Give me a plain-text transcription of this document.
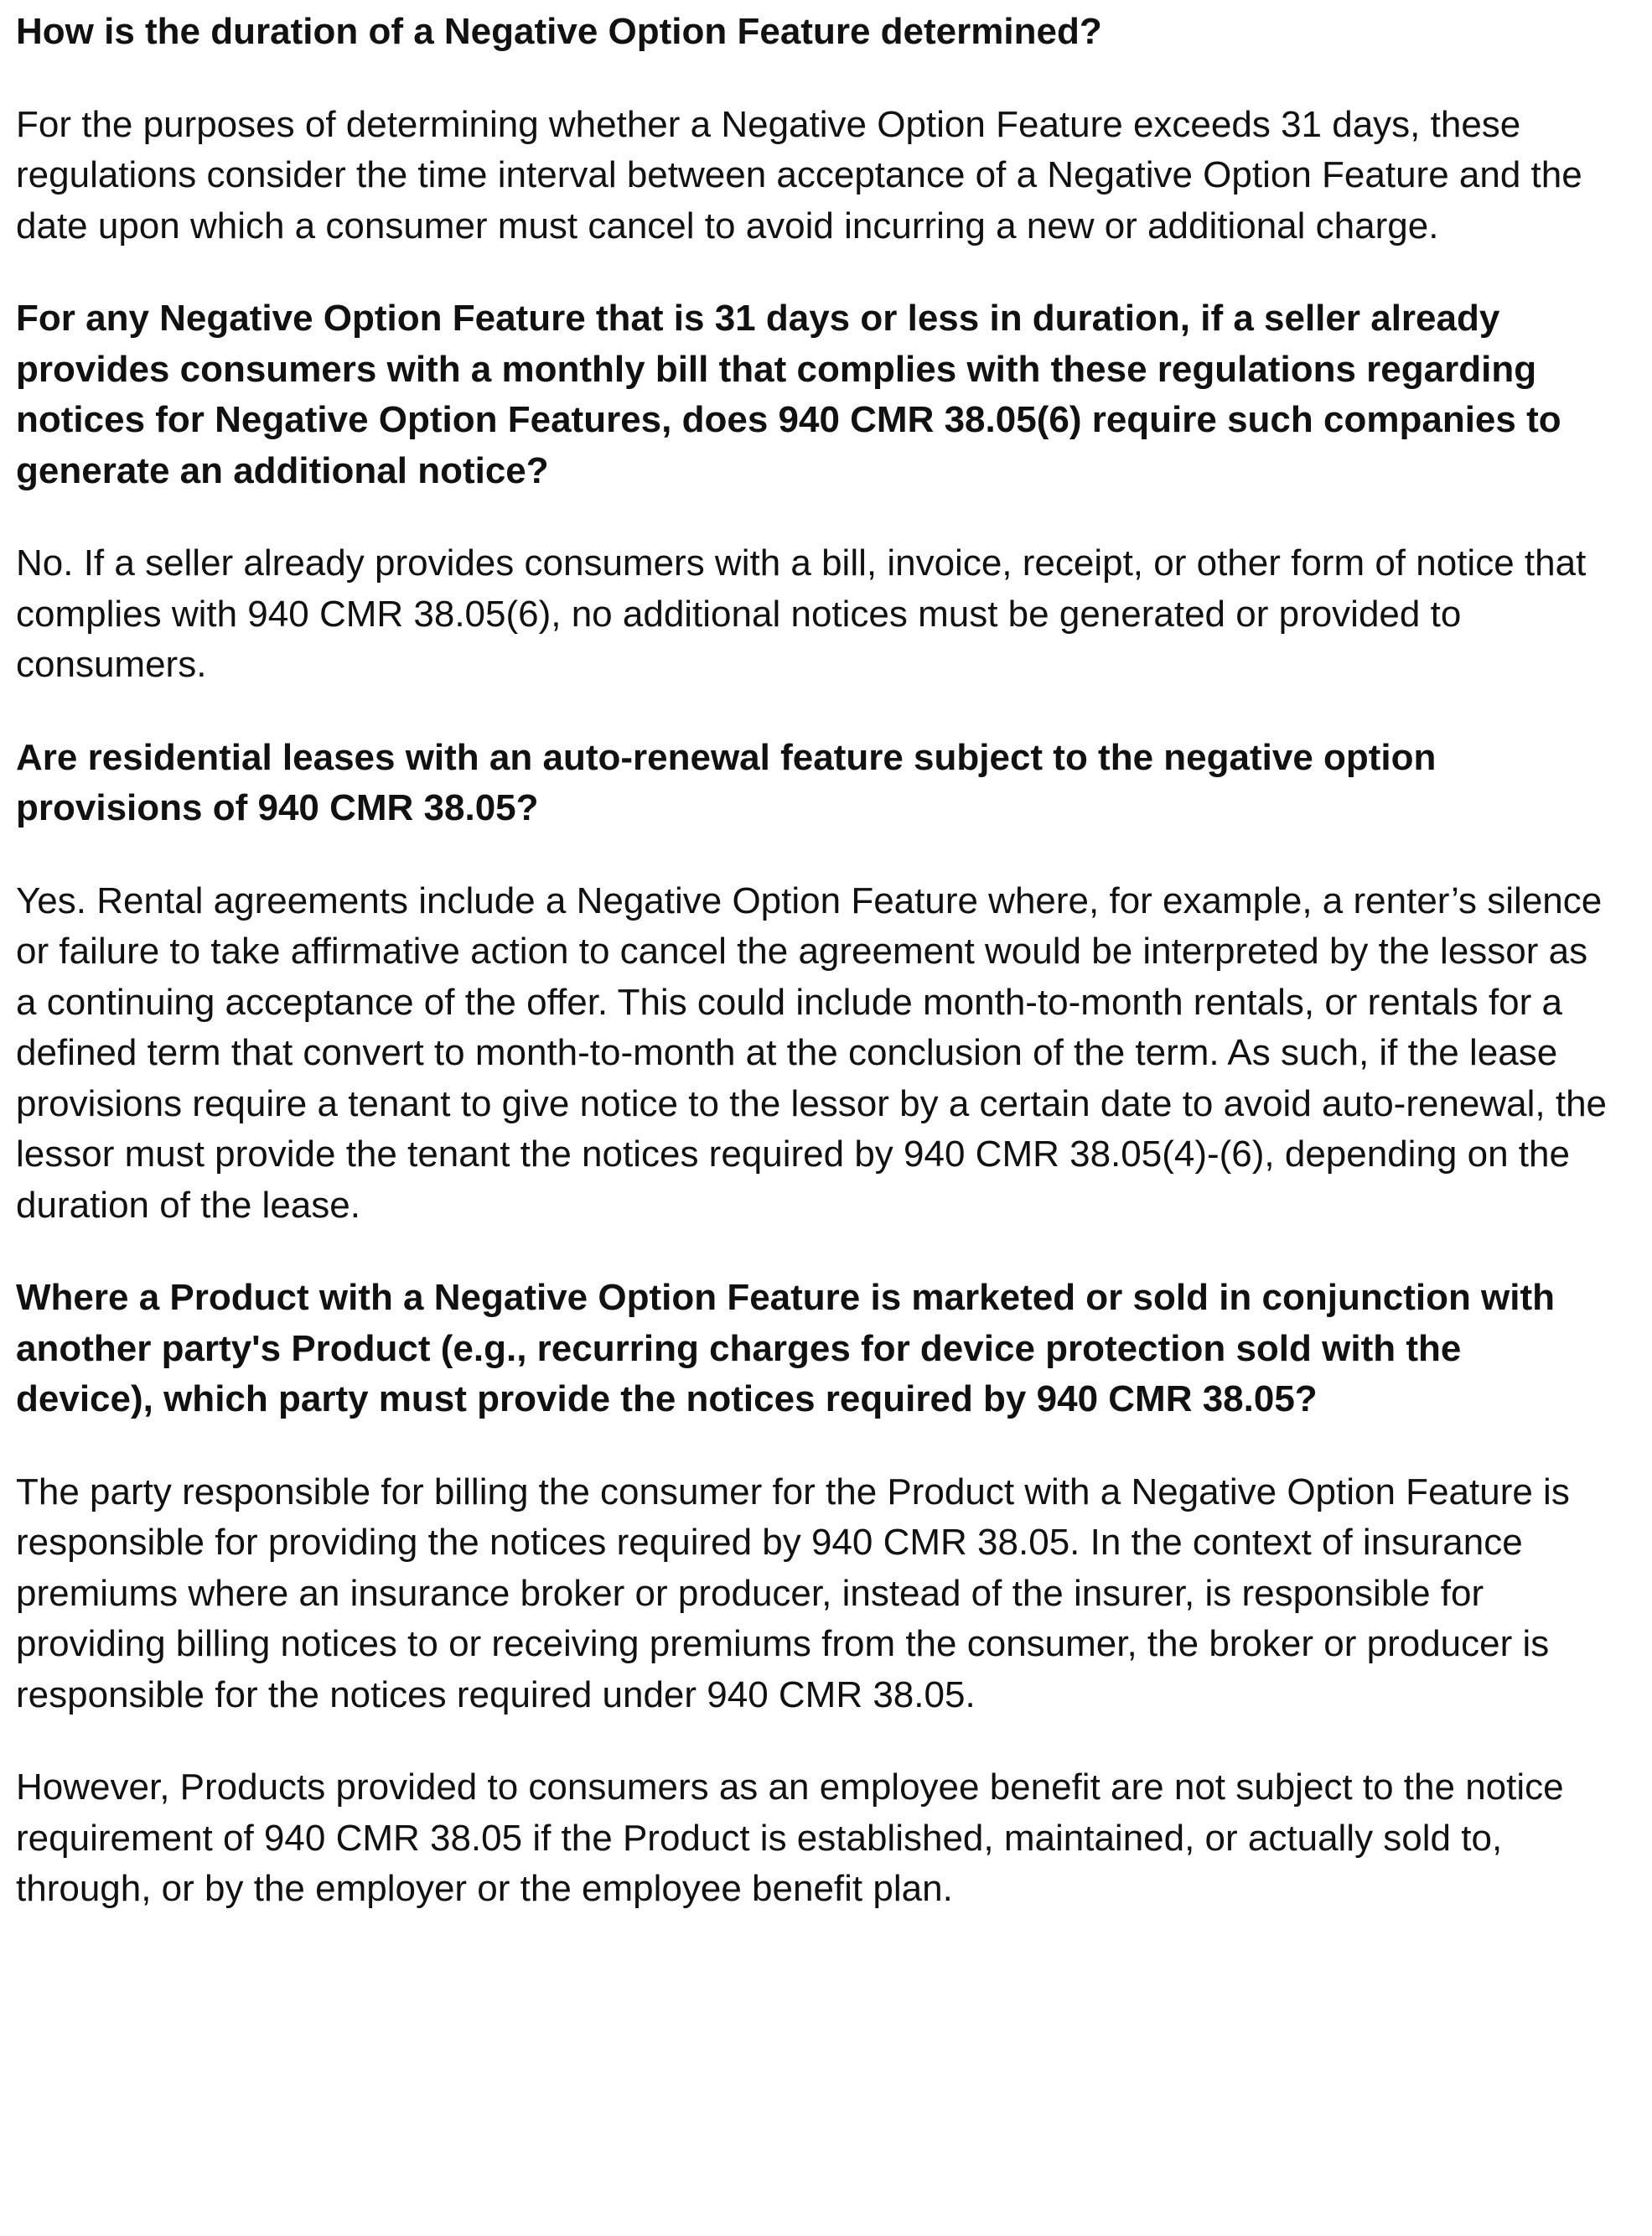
How is the duration of a Negative Option Feature determined?

For the purposes of determining whether a Negative Option Feature exceeds 31 days, these regulations consider the time interval between acceptance of a Negative Option Feature and the date upon which a consumer must cancel to avoid incurring a new or additional charge.

For any Negative Option Feature that is 31 days or less in duration, if a seller already provides consumers with a monthly bill that complies with these regulations regarding notices for Negative Option Features, does 940 CMR 38.05(6) require such companies to generate an additional notice?

No. If a seller already provides consumers with a bill, invoice, receipt, or other form of notice that complies with 940 CMR 38.05(6), no additional notices must be generated or provided to consumers.

Are residential leases with an auto-renewal feature subject to the negative option provisions of 940 CMR 38.05?

Yes. Rental agreements include a Negative Option Feature where, for example, a renter’s silence or failure to take affirmative action to cancel the agreement would be interpreted by the lessor as a continuing acceptance of the offer. This could include month-to-month rentals, or rentals for a defined term that convert to month-to-month at the conclusion of the term. As such, if the lease provisions require a tenant to give notice to the lessor by a certain date to avoid auto-renewal, the lessor must provide the tenant the notices required by 940 CMR 38.05(4)-(6), depending on the duration of the lease.

Where a Product with a Negative Option Feature is marketed or sold in conjunction with another party's Product (e.g., recurring charges for device protection sold with the device), which party must provide the notices required by 940 CMR 38.05?

The party responsible for billing the consumer for the Product with a Negative Option Feature is responsible for providing the notices required by 940 CMR 38.05. In the context of insurance premiums where an insurance broker or producer, instead of the insurer, is responsible for providing billing notices to or receiving premiums from the consumer, the broker or producer is responsible for the notices required under 940 CMR 38.05.

However, Products provided to consumers as an employee benefit are not subject to the notice requirement of 940 CMR 38.05 if the Product is established, maintained, or actually sold to, through, or by the employer or the employee benefit plan.
